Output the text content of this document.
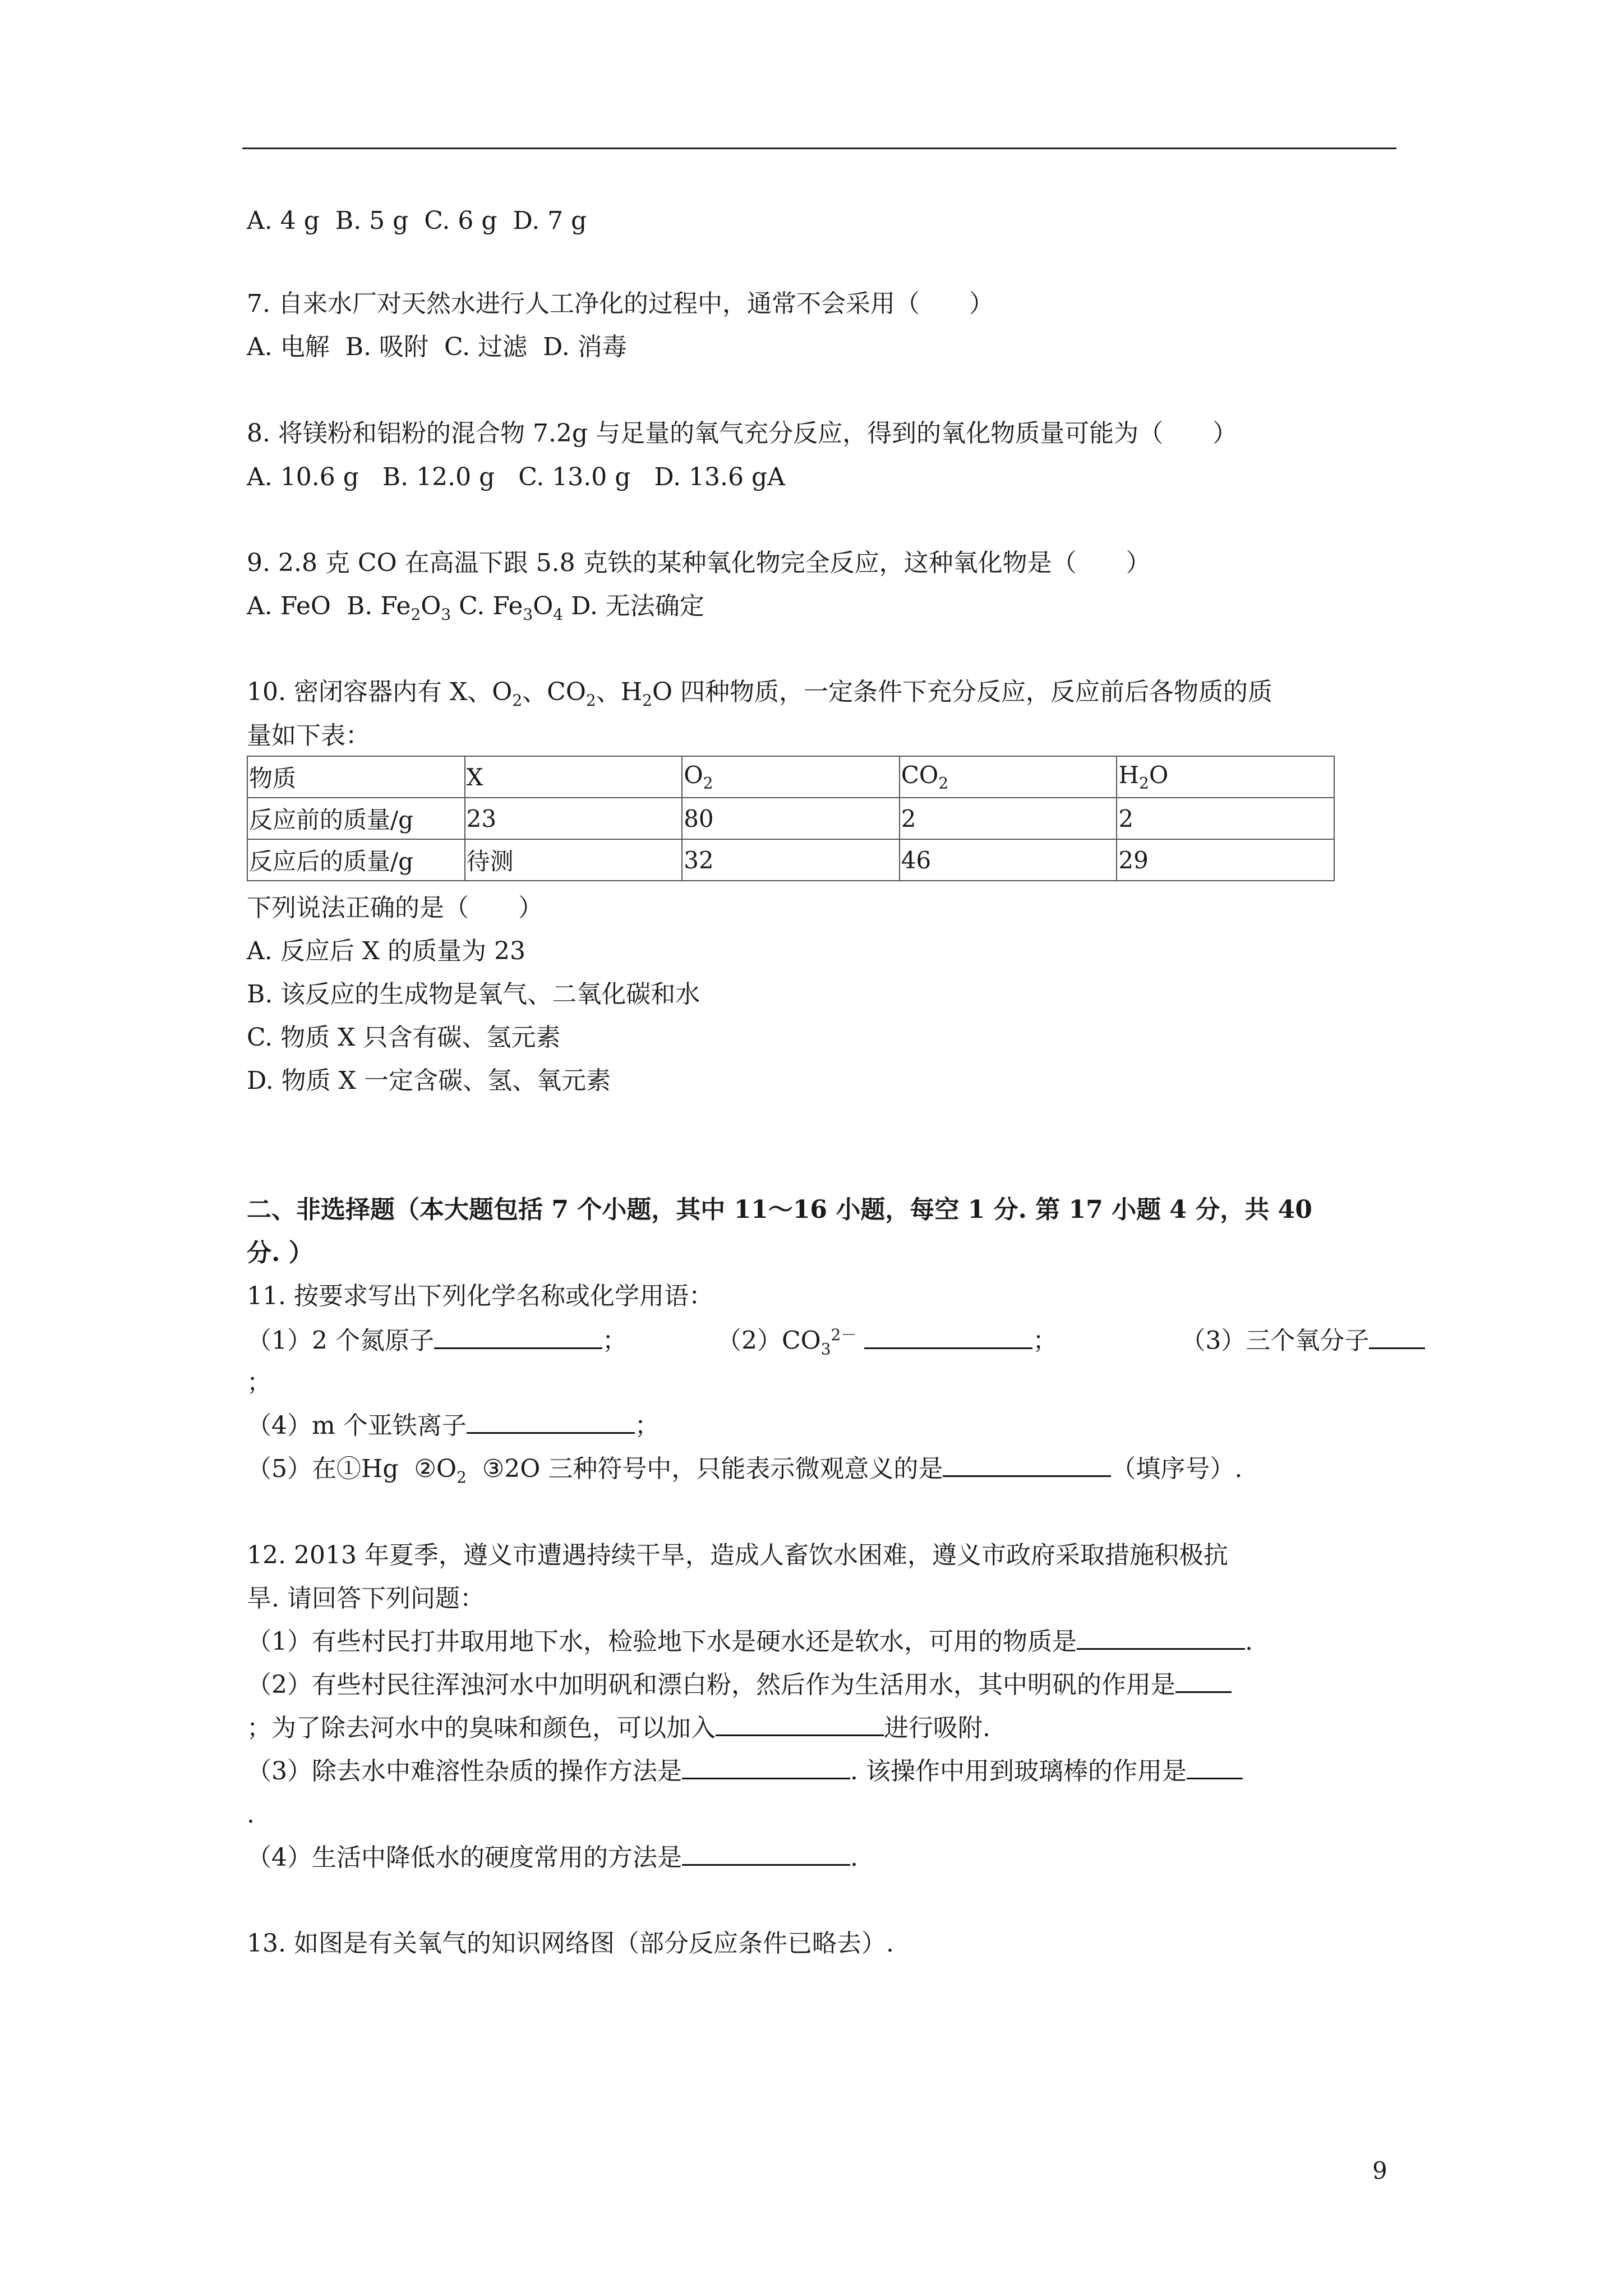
A. 4 g  B. 5 g  C. 6 g  D. 7 g
7. 自来水厂对天然水进行人工净化的过程中，通常不会采用（　　）
A. 电解  B. 吸附  C. 过滤  D. 消毒
8. 将镁粉和铝粉的混合物 7.2g 与足量的氧气充分反应，得到的氧化物质量可能为（　　）
A. 10.6 g   B. 12.0 g   C. 13.0 g   D. 13.6 gA
9. 2.8 克 CO 在高温下跟 5.8 克铁的某种氧化物完全反应，这种氧化物是（　　）
A. FeO  B. $Fe_2O_3$ C. $Fe_3O_4$ D. 无法确定
10. 密闭容器内有 X、$O_2$、$CO_2$、$H_2O$ 四种物质，一定条件下充分反应，反应前后各物质的质
量如下表：
物质	X	$O_2$	$CO_2$	$H_2O$
反应前的质量/g	23	80	2	2
反应后的质量/g	待测	32	46	29
下列说法正确的是（　　）
A. 反应后 X 的质量为 23
B. 该反应的生成物是氧气、二氧化碳和水
C. 物质 X 只含有碳、氢元素
D. 物质 X 一定含碳、氢、氧元素
二、非选择题（本大题包括 7 个小题，其中 11～16 小题，每空 1 分. 第 17 小题 4 分，共 40
分. ）
11. 按要求写出下列化学名称或化学用语：
（1）2 个氮原子	；	$(2)CO_3^{2-}$	；	（3）三个氧分子
；
（4）m 个亚铁离子	；
（5）在①Hg  $②O_2$  ③2O 三种符号中，只能表示微观意义的是	（填序号）.
12. 2013 年夏季，遵义市遭遇持续干旱，造成人畜饮水困难，遵义市政府采取措施积极抗
旱. 请回答下列问题：
（1）有些村民打井取用地下水，检验地下水是硬水还是软水，可用的物质是	.
（2）有些村民往浑浊河水中加明矾和漂白粉，然后作为生活用水，其中明矾的作用是
；为了除去河水中的臭味和颜色，可以加入	进行吸附.
（3）除去水中难溶性杂质的操作方法是	. 该操作中用到玻璃棒的作用是
.
（4）生活中降低水的硬度常用的方法是	.
13. 如图是有关氧气的知识网络图（部分反应条件已略去）.
9
